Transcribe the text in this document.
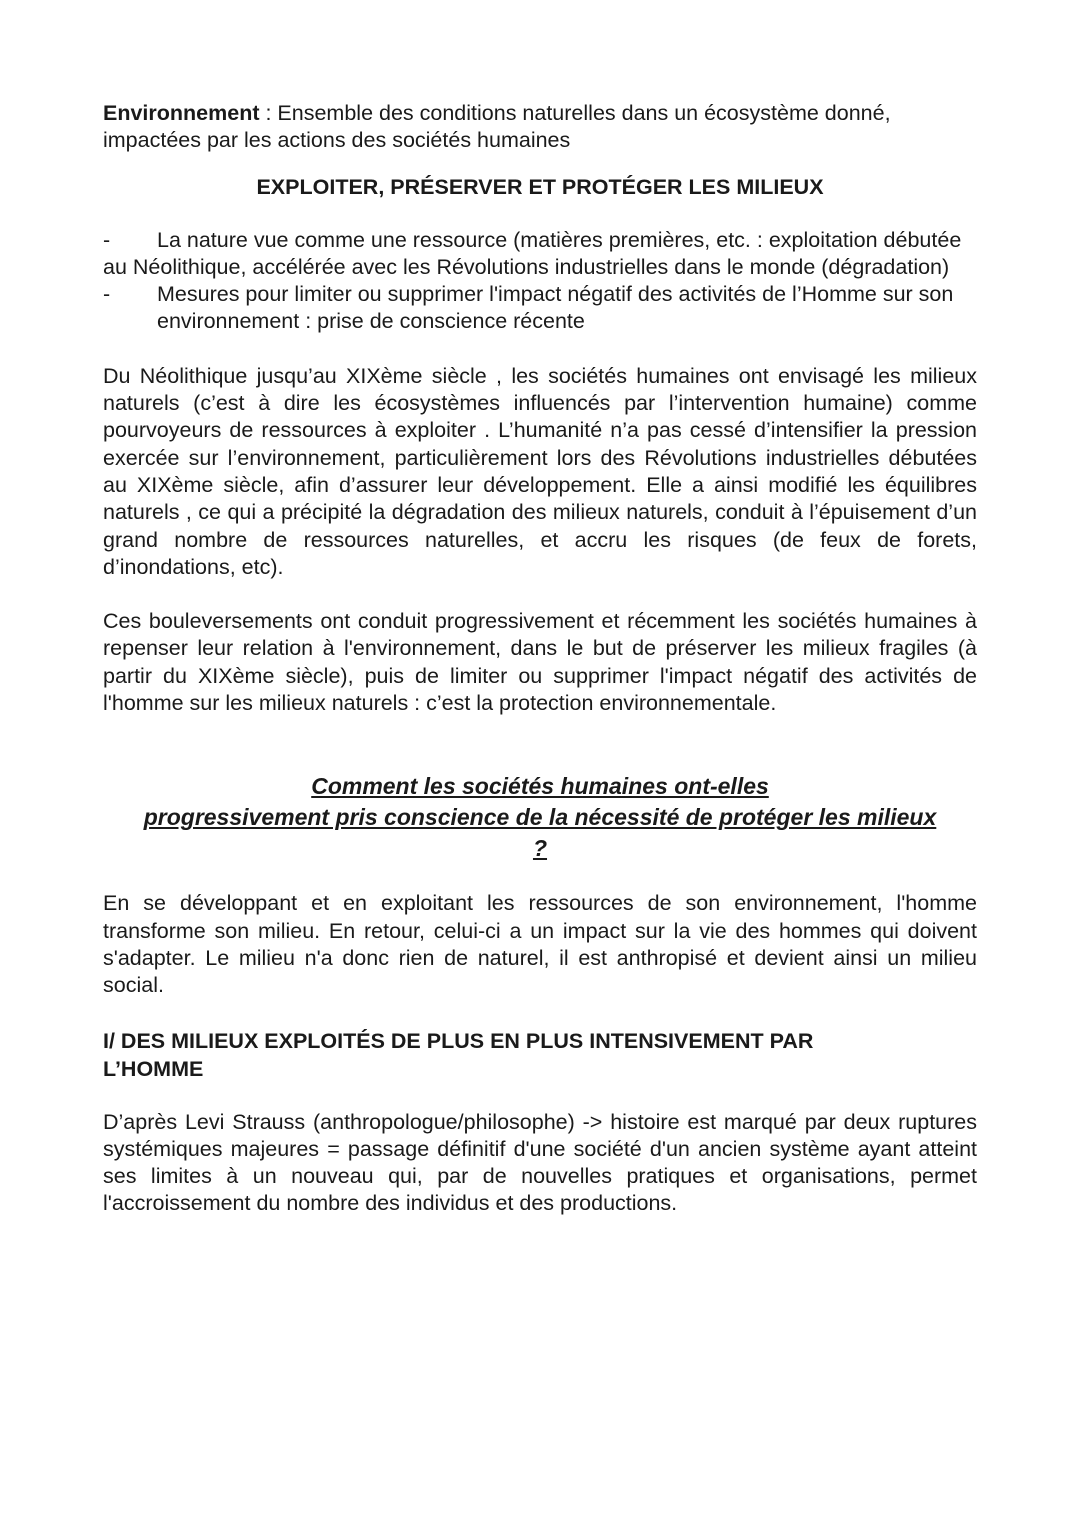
Environnement : Ensemble des conditions naturelles dans un écosystème donné, impactées par les actions des sociétés humaines

EXPLOITER, PRÉSERVER ET PROTÉGER LES MILIEUX
- La nature vue comme une ressource (matières premières, etc. : exploitation débutée au Néolithique, accélérée avec les Révolutions industrielles dans le monde (dégradation)
-	Mesures pour limiter ou supprimer l'impact négatif des activités de l’Homme sur son environnement : prise de conscience récente

Du Néolithique jusqu’au XIXème siècle , les sociétés humaines ont envisagé les milieux naturels (c’est à dire les écosystèmes influencés par l’intervention humaine) comme pourvoyeurs de ressources à exploiter . L’humanité n’a pas cessé d’intensifier la pression exercée sur l’environnement, particulièrement lors des Révolutions industrielles débutées au XIXème siècle, afin d’assurer leur développement. Elle a ainsi modifié les équilibres naturels , ce qui a précipité la dégradation des milieux naturels, conduit à l’épuisement d’un grand nombre de ressources naturelles, et accru les risques (de feux de forets, d’inondations, etc).

Ces bouleversements ont conduit progressivement et récemment les sociétés humaines à repenser leur relation à l'environnement, dans le but de préserver les milieux fragiles (à partir du XIXème siècle), puis de limiter ou supprimer l'impact négatif des activités de l'homme sur les milieux naturels : c’est la protection environnementale.

Comment les sociétés humaines ont-elles
progressivement pris conscience de la nécessité de protéger les milieux
?

En se développant et en exploitant les ressources de son environnement, l'homme transforme son milieu. En retour, celui-ci a un impact sur la vie des hommes qui doivent s'adapter. Le milieu n'a donc rien de naturel, il est anthropisé et devient ainsi un milieu social.

I/ DES MILIEUX EXPLOITÉS DE PLUS EN PLUS INTENSIVEMENT PAR L’HOMME

D’après Levi Strauss (anthropologue/philosophe) -> histoire est marqué par deux ruptures systémiques majeures = passage définitif d'une société d'un ancien système ayant atteint ses limites à un nouveau qui, par de nouvelles pratiques et organisations, permet l'accroissement du nombre des individus et des productions.
